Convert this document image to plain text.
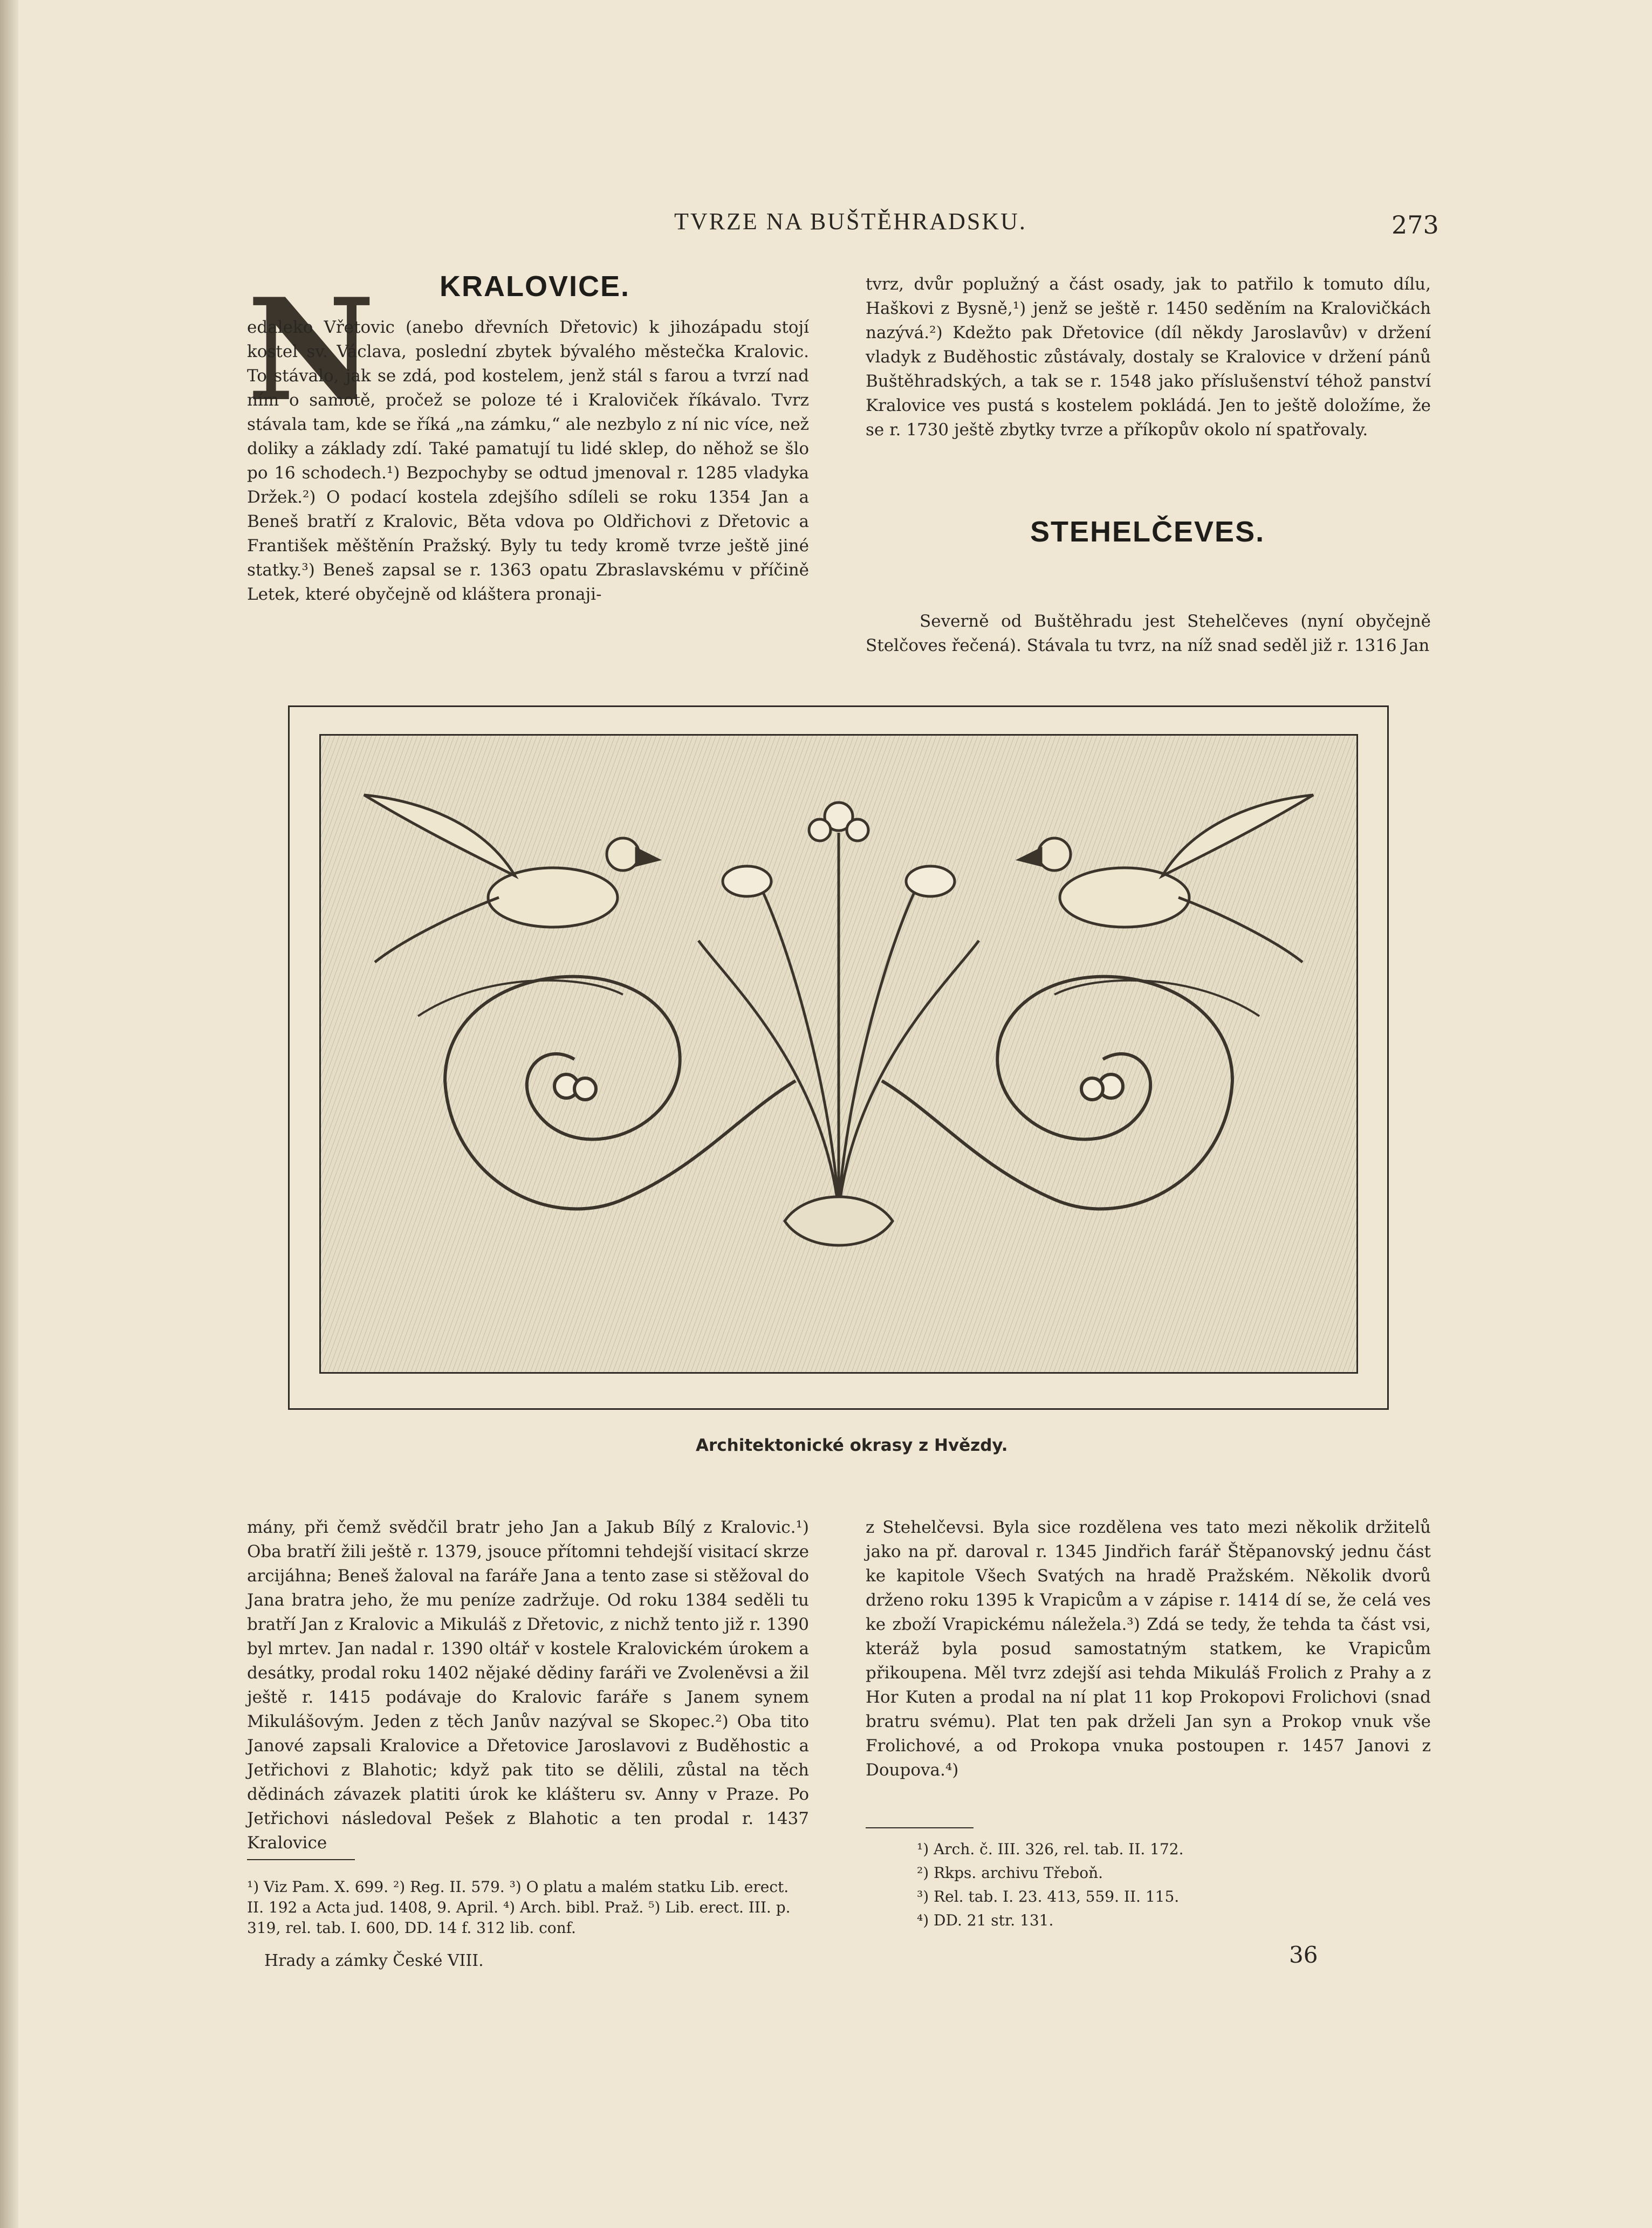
TVRZE NA BUŠTĚHRADSKU.	273
KRALOVICE.
N

edaleko Vřetovic (anebo dřevních Dřetovic) k jihozápadu stojí kostel sv. Václava, poslední zbytek bývalého městečka Kralovic. To stávalo, jak se zdá, pod kostelem, jenž stál s farou a tvrzí nad ním o samotě, pročež se poloze té i Kraloviček říkávalo. Tvrz stávala tam, kde se říká „na zámku,“ ale nezbylo z ní nic více, než doliky a základy zdí. Také pamatují tu lidé sklep, do něhož se šlo po 16 schodech.¹) Bezpochyby se odtud jmenoval r. 1285 vladyka Držek.²) O podací kostela zdejšího sdíleli se roku 1354 Jan a Beneš bratří z Kralovic, Běta vdova po Oldřichovi z Dřetovic a František měštěnín Pražský. Byly tu tedy kromě tvrze ještě jiné statky.³) Beneš zapsal se r. 1363 opatu Zbraslavskému v příčině Letek, které obyčejně od kláštera pronaji-

tvrz, dvůr poplužný a část osady, jak to patřilo k tomuto dílu, Haškovi z Bysně,¹) jenž se ještě r. 1450 seděním na Kralovičkách nazývá.²) Kdežto pak Dřetovice (díl někdy Jaroslavův) v držení vladyk z Buděhostic zůstávaly, dostaly se Kralovice v držení pánů Buštěhradských, a tak se r. 1548 jako příslušenství téhož panství Kralovice ves pustá s kostelem pokládá. Jen to ještě doložíme, že se r. 1730 ještě zbytky tvrze a příkopův okolo ní spatřovaly.

STEHELČEVES.

Severně od Buštěhradu jest Stehelčeves (nyní obyčejně Stelčoves řečená). Stávala tu tvrz, na níž snad seděl již r. 1316 Jan

Architektonické okrasy z Hvězdy.

mány, při čemž svědčil bratr jeho Jan a Jakub Bílý z Kralovic.¹) Oba bratří žili ještě r. 1379, jsouce přítomni tehdejší visitací skrze arcijáhna; Beneš žaloval na faráře Jana a tento zase si stěžoval do Jana bratra jeho, že mu peníze zadržuje. Od roku 1384 seděli tu bratří Jan z Kralovic a Mikuláš z Dřetovic, z nichž tento již r. 1390 byl mrtev. Jan nadal r. 1390 oltář v kostele Kralovickém úrokem a desátky, prodal roku 1402 nějaké dědiny faráři ve Zvoleněvsi a žil ještě r. 1415 podávaje do Kralovic faráře s Janem synem Mikulášovým. Jeden z těch Janův nazýval se Skopec.²) Oba tito Janové zapsali Kralovice a Dřetovice Jaroslavovi z Buděhostic a Jetřichovi z Blahotic; když pak tito se dělili, zůstal na těch dědinách závazek platiti úrok ke klášteru sv. Anny v Praze. Po Jetřichovi následoval Pešek z Blahotic a ten prodal r. 1437 Kralovice

z Stehelčevsi. Byla sice rozdělena ves tato mezi několik držitelů jako na př. daroval r. 1345 Jindřich farář Štěpanovský jednu část ke kapitole Všech Svatých na hradě Pražském. Několik dvorů drženo roku 1395 k Vrapicům a v zápise r. 1414 dí se, že celá ves ke zboží Vrapickému náležela.³) Zdá se tedy, že tehda ta část vsi, kteráž byla posud samostatným statkem, ke Vrapicům přikoupena. Měl tvrz zdejší asi tehda Mikuláš Frolich z Prahy a z Hor Kuten a prodal na ní plat 11 kop Prokopovi Frolichovi (snad bratru svému). Plat ten pak drželi Jan syn a Prokop vnuk vše Frolichové, a od Prokopa vnuka postoupen r. 1457 Janovi z Doupova.⁴)

¹) Viz Pam. X. 699. ²) Reg. II. 579. ³) O platu a malém statku Lib. erect. II. 192 a Acta jud. 1408, 9. April. ⁴) Arch. bibl. Praž. ⁵) Lib. erect. III. p. 319, rel. tab. I. 600, DD. 14 f. 312 lib. conf.
¹) Arch. č. III. 326, rel. tab. II. 172.
²) Rkps. archivu Třeboň.
³) Rel. tab. I. 23. 413, 559. II. 115.
⁴) DD. 21 str. 131.
Hrady a zámky České VIII.	36
